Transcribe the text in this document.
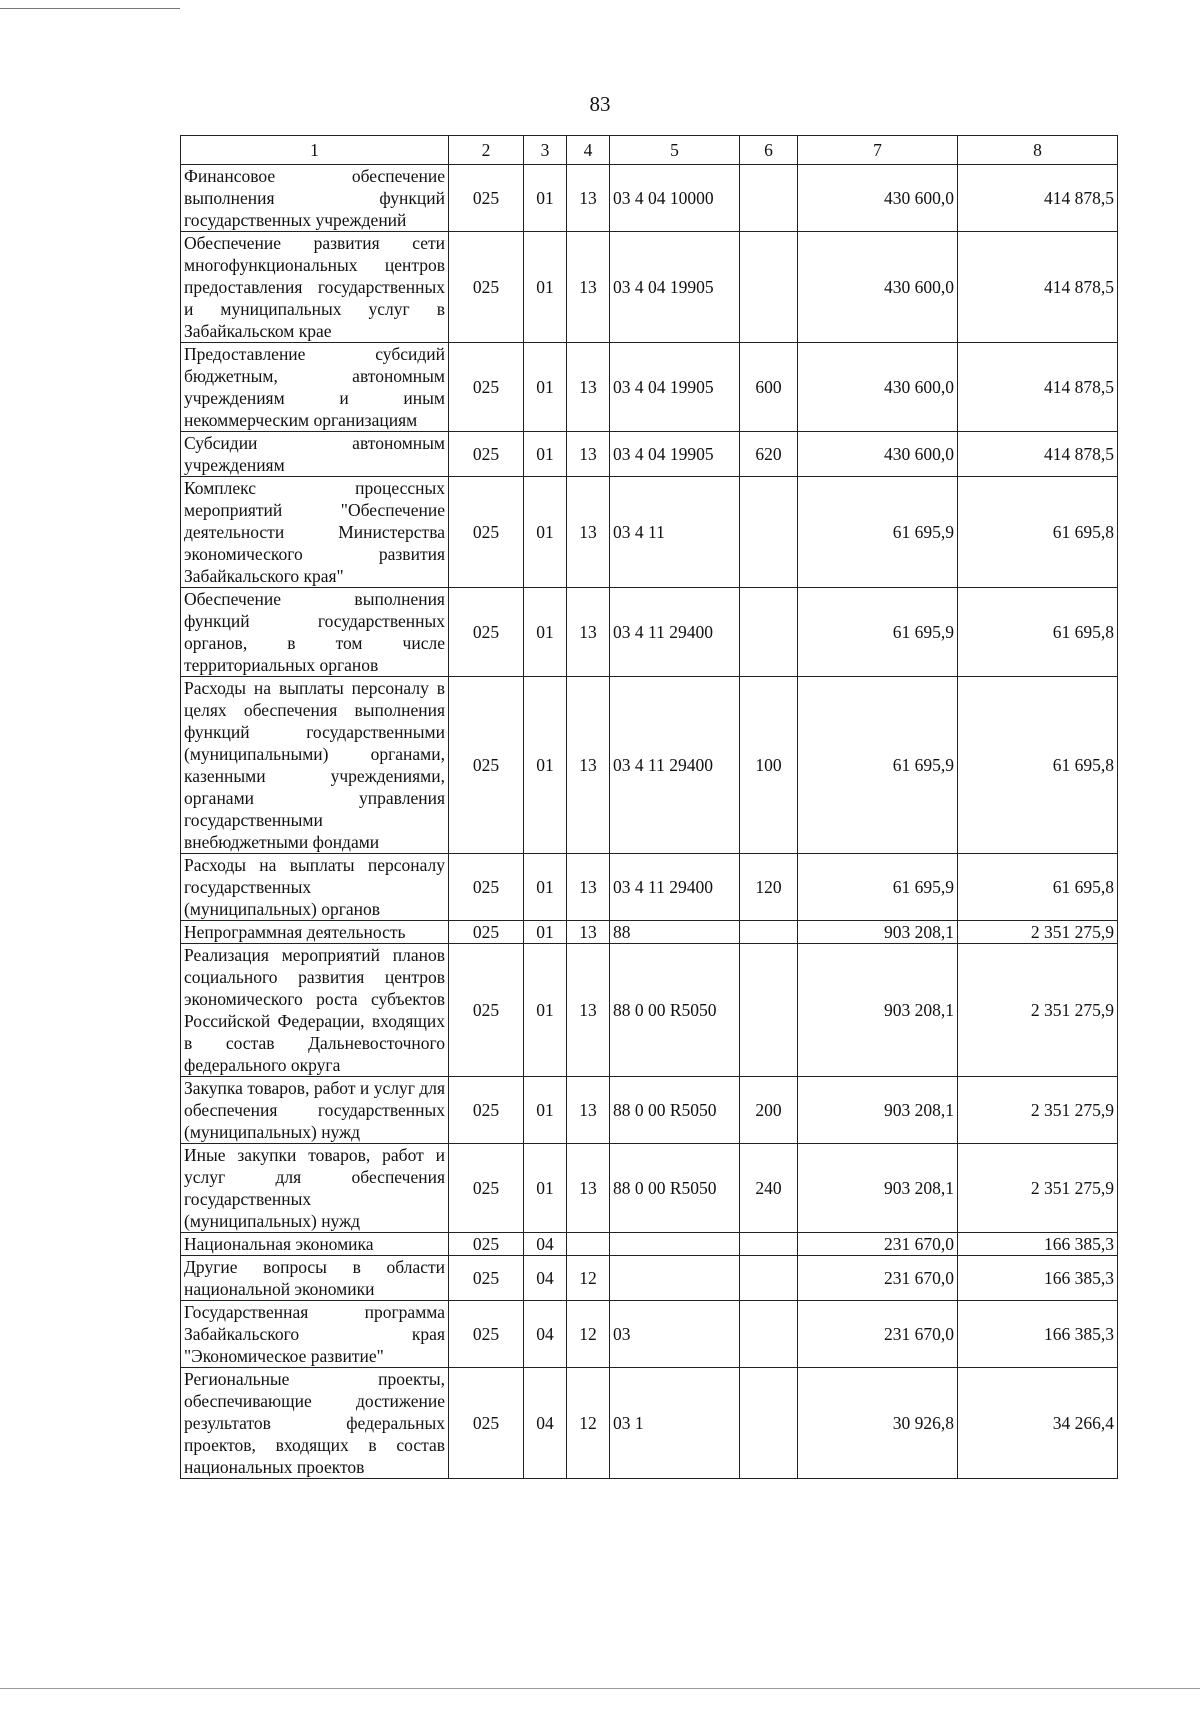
83
1	2	3	4	5	6	7	8
Финансовое обеспечение выполнения функций государственных учреждений	025	01	13	03 4 04 10000		430 600,0	414 878,5
Обеспечение развития сети многофункциональных центров предоставления государственных и муниципальных услуг в Забайкальском крае	025	01	13	03 4 04 19905		430 600,0	414 878,5
Предоставление субсидий бюджетным, автономным учреждениям и иным некоммерческим организациям	025	01	13	03 4 04 19905	600	430 600,0	414 878,5
Субсидии автономным учреждениям	025	01	13	03 4 04 19905	620	430 600,0	414 878,5
Комплекс процессных мероприятий "Обеспечение деятельности Министерства экономического развития Забайкальского края"	025	01	13	03 4 11		61 695,9	61 695,8
Обеспечение выполнения функций государственных органов, в том числе территориальных органов	025	01	13	03 4 11 29400		61 695,9	61 695,8
Расходы на выплаты персоналу в целях обеспечения выполнения функций государственными (муниципальными) органами, казенными учреждениями, органами управления государственными внебюджетными фондами	025	01	13	03 4 11 29400	100	61 695,9	61 695,8
Расходы на выплаты персоналу государственных (муниципальных) органов	025	01	13	03 4 11 29400	120	61 695,9	61 695,8
Непрограммная деятельность	025	01	13	88		903 208,1	2 351 275,9
Реализация мероприятий планов социального развития центров экономического роста субъектов Российской Федерации, входящих в состав Дальневосточного федерального округа	025	01	13	88 0 00 R5050		903 208,1	2 351 275,9
Закупка товаров, работ и услуг для обеспечения государственных (муниципальных) нужд	025	01	13	88 0 00 R5050	200	903 208,1	2 351 275,9
Иные закупки товаров, работ и услуг для обеспечения государственных (муниципальных) нужд	025	01	13	88 0 00 R5050	240	903 208,1	2 351 275,9
Национальная экономика	025	04				231 670,0	166 385,3
Другие вопросы в области национальной экономики	025	04	12			231 670,0	166 385,3
Государственная программа Забайкальского края "Экономическое развитие"	025	04	12	03		231 670,0	166 385,3
Региональные проекты, обеспечивающие достижение результатов федеральных проектов, входящих в состав национальных проектов	025	04	12	03 1		30 926,8	34 266,4
